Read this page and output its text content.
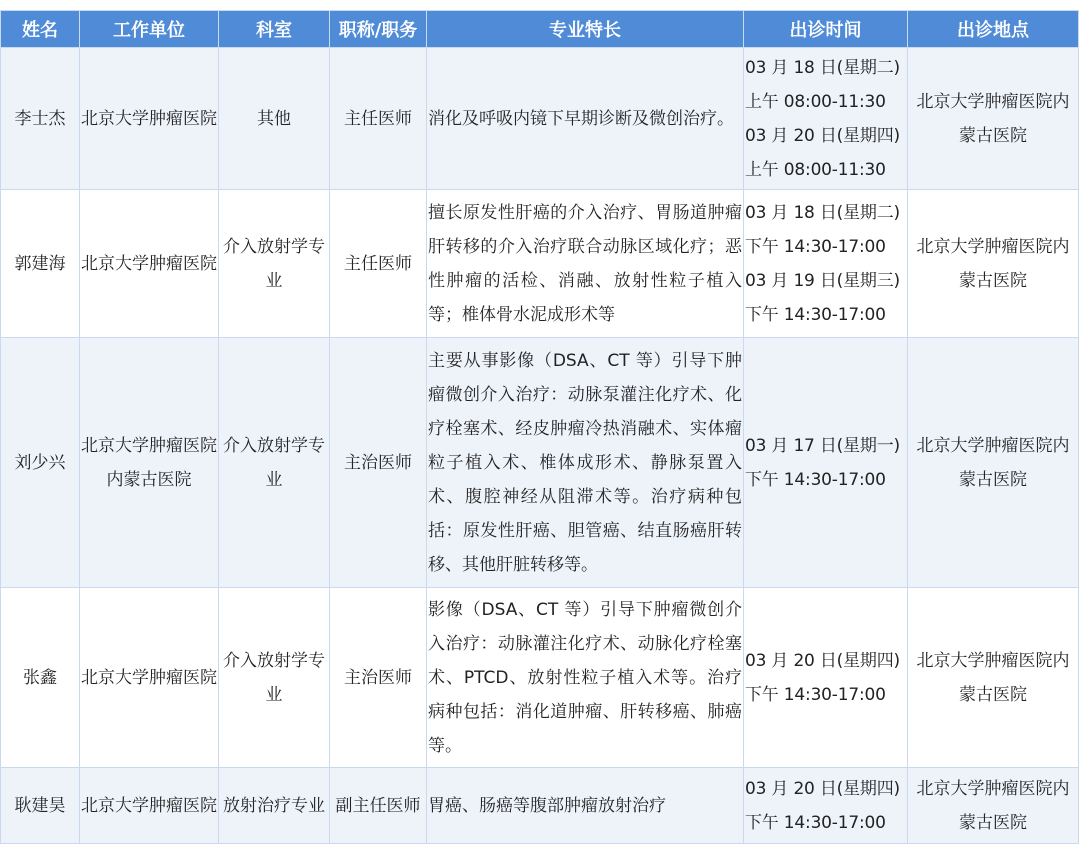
姓名	工作单位	科室	职称/职务	专业特长	出诊时间	出诊地点
李士杰	北京大学肿瘤医院	其他	主任医师	消化及呼吸内镜下早期诊断及微创治疗。	03 月 18 日(星期二)
上午 08:00-11:30
03 月 20 日(星期四)
上午 08:00-11:30	北京大学肿瘤医院内蒙古医院
郭建海	北京大学肿瘤医院	介入放射学专业	主任医师	擅长原发性肝癌的介入治疗、胃肠道肿瘤肝转移的介入治疗联合动脉区域化疗；恶性肿瘤的活检、消融、放射性粒子植入等；椎体骨水泥成形术等	03 月 18 日(星期二)
下午 14:30-17:00
03 月 19 日(星期三)
下午 14:30-17:00	北京大学肿瘤医院内蒙古医院
刘少兴	北京大学肿瘤医院内蒙古医院	介入放射学专业	主治医师	主要从事影像（DSA、CT 等）引导下肿瘤微创介入治疗：动脉泵灌注化疗术、化疗栓塞术、经皮肿瘤冷热消融术、实体瘤粒子植入术、椎体成形术、静脉泵置入术、腹腔神经从阻滞术等。治疗病种包括：原发性肝癌、胆管癌、结直肠癌肝转移、其他肝脏转移等。	03 月 17 日(星期一)
下午 14:30-17:00	北京大学肿瘤医院内蒙古医院
张鑫	北京大学肿瘤医院	介入放射学专业	主治医师	影像（DSA、CT 等）引导下肿瘤微创介入治疗：动脉灌注化疗术、动脉化疗栓塞术、PTCD、放射性粒子植入术等。治疗病种包括：消化道肿瘤、肝转移癌、肺癌等。	03 月 20 日(星期四)
下午 14:30-17:00	北京大学肿瘤医院内蒙古医院
耿建昊	北京大学肿瘤医院	放射治疗专业	副主任医师	胃癌、肠癌等腹部肿瘤放射治疗	03 月 20 日(星期四)
下午 14:30-17:00	北京大学肿瘤医院内蒙古医院
